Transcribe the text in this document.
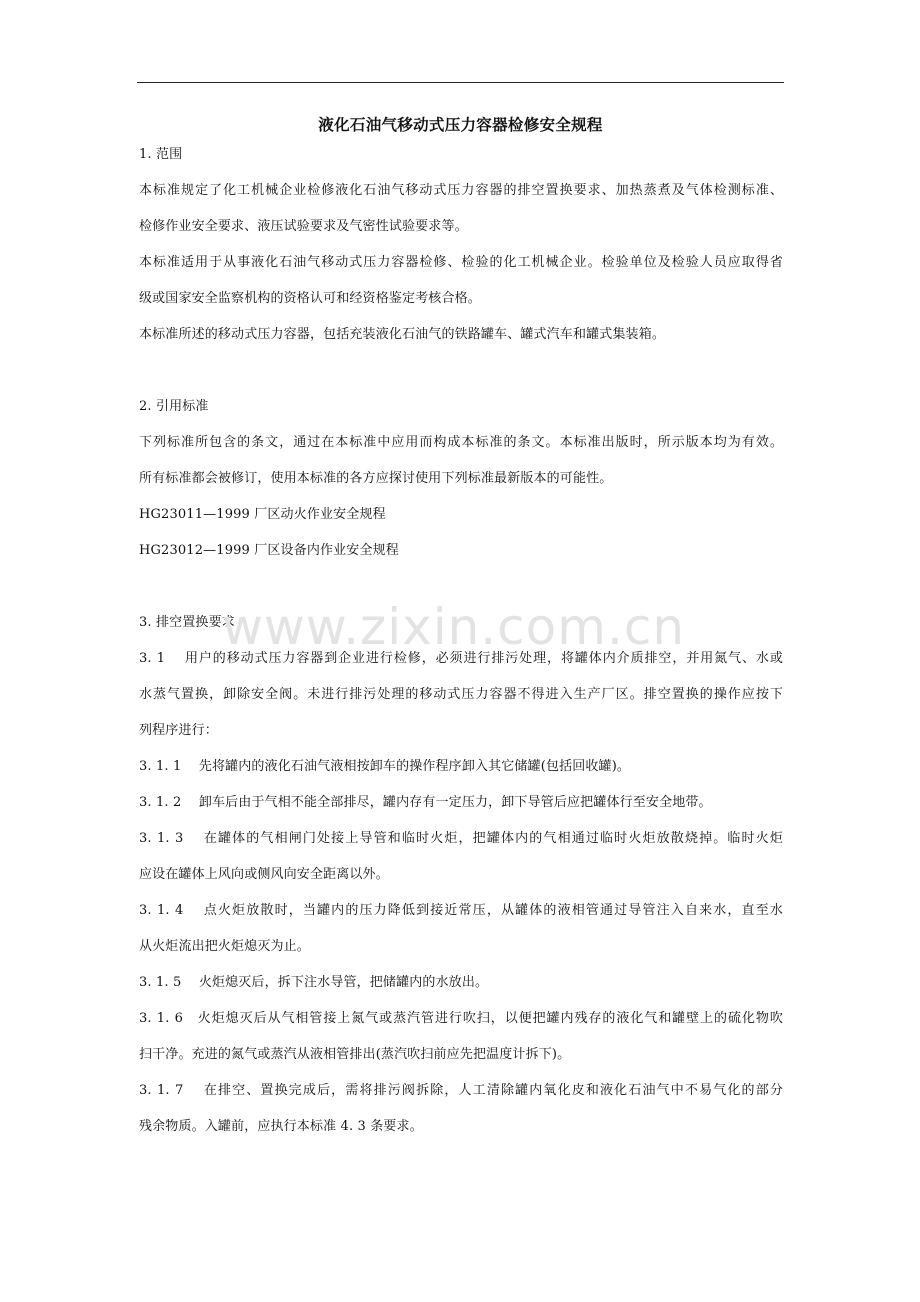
液化石油气移动式压力容器检修安全规程
1. 范围
本标准规定了化工机械企业检修液化石油气移动式压力容器的排空置换要求、加热蒸煮及气体检测标准、
检修作业安全要求、液压试验要求及气密性试验要求等。
本标准适用于从事液化石油气移动式压力容器检修、检验的化工机械企业。检验单位及检验人员应取得省
级或国家安全监察机构的资格认可和经资格鉴定考核合格。
本标准所述的移动式压力容器，包括充装液化石油气的铁路罐车、罐式汽车和罐式集装箱。
2. 引用标准
下列标准所包含的条文，通过在本标准中应用而构成本标准的条文。本标准出版时，所示版本均为有效。
所有标准都会被修订，使用本标准的各方应探讨使用下列标准最新版本的可能性。
HG23011—1999 厂区动火作业安全规程
HG23012—1999 厂区设备内作业安全规程
3. 排空置换要求
3. 1　 用户的移动式压力容器到企业进行检修，必须进行排污处理，将罐体内介质排空，并用氮气、水或
水蒸气置换，卸除安全阀。未进行排污处理的移动式压力容器不得进入生产厂区。排空置换的操作应按下
列程序进行：
3. 1. 1　 先将罐内的液化石油气液相按卸车的操作程序卸入其它储罐(包括回收罐)。
3. 1. 2　 卸车后由于气相不能全部排尽，罐内存有一定压力，卸下导管后应把罐体行至安全地带。
3. 1. 3　 在罐体的气相闸门处接上导管和临时火炬，把罐体内的气相通过临时火炬放散烧掉。临时火炬
应设在罐体上风向或侧风向安全距离以外。
3. 1. 4　 点火炬放散时，当罐内的压力降低到接近常压，从罐体的液相管通过导管注入自来水，直至水
从火炬流出把火炬熄灭为止。
3. 1. 5　 火炬熄灭后，拆下注水导管，把储罐内的水放出。
3. 1. 6　火炬熄灭后从气相管接上氮气或蒸汽管进行吹扫，以便把罐内残存的液化气和罐壁上的硫化物吹
扫干净。充进的氮气或蒸汽从液相管排出(蒸汽吹扫前应先把温度计拆下)。
3. 1. 7　 在排空、置换完成后，需将排污阀拆除，人工清除罐内氧化皮和液化石油气中不易气化的部分
残余物质。入罐前，应执行本标准 4. 3 条要求。
www.zixin.com.cn
